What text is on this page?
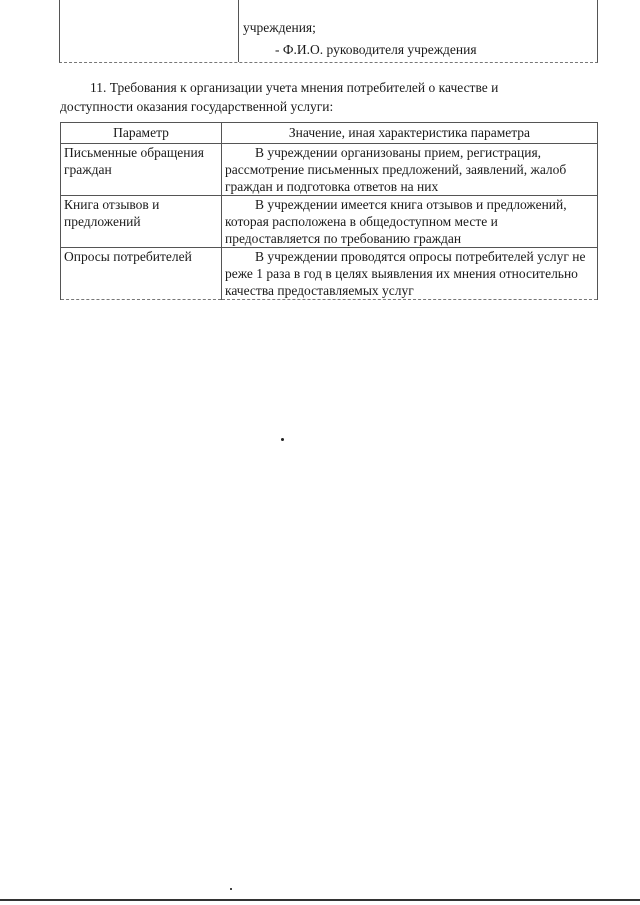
учреждения;
- Ф.И.О. руководителя учреждения
11. Требования к организации учета мнения потребителей о качестве и
доступности оказания государственной услуги:
Параметр	Значение, иная характеристика параметра
Письменные обращения граждан	В учреждении организованы прием, регистрация, рассмотрение письменных предложений, заявлений, жалоб граждан и подготовка ответов на них

Книга отзывов и предложений	В учреждении имеется книга отзывов и предложений, которая расположена в общедоступном месте и предоставляется по требованию граждан

Опросы потребителей	В учреждении проводятся опросы потребителей услуг не реже 1 раза в год в целях выявления их мнения относительно качества предоставляемых услуг
